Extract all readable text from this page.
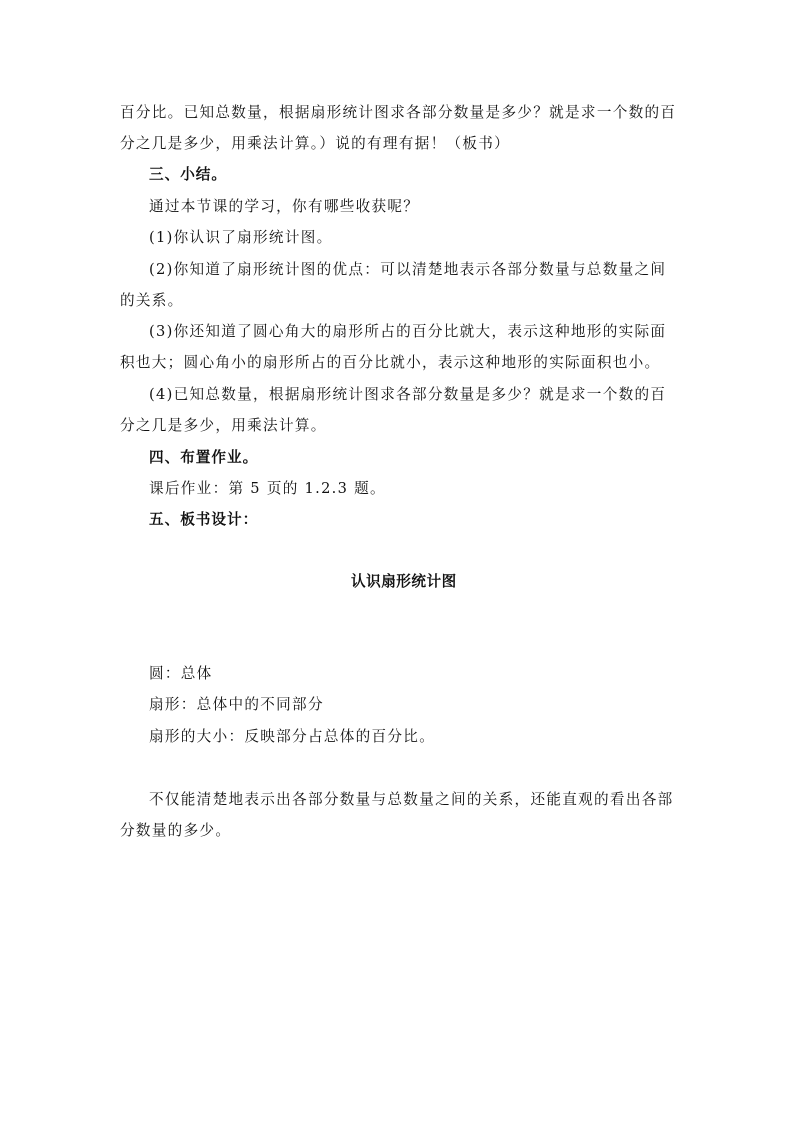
百分比。已知总数量，根据扇形统计图求各部分数量是多少？就是求一个数的百
分之几是多少，用乘法计算。）说的有理有据！（板书）
三、小结。
通过本节课的学习，你有哪些收获呢？
(1)你认识了扇形统计图。
(2)你知道了扇形统计图的优点：可以清楚地表示各部分数量与总数量之间
的关系。
(3)你还知道了圆心角大的扇形所占的百分比就大，表示这种地形的实际面
积也大；圆心角小的扇形所占的百分比就小，表示这种地形的实际面积也小。
(4)已知总数量，根据扇形统计图求各部分数量是多少？就是求一个数的百
分之几是多少，用乘法计算。
四、布置作业。
课后作业：第 5 页的 1.2.3 题。
五、板书设计：
认识扇形统计图
圆：总体
扇形：总体中的不同部分
扇形的大小：反映部分占总体的百分比。
不仅能清楚地表示出各部分数量与总数量之间的关系，还能直观的看出各部
分数量的多少。
